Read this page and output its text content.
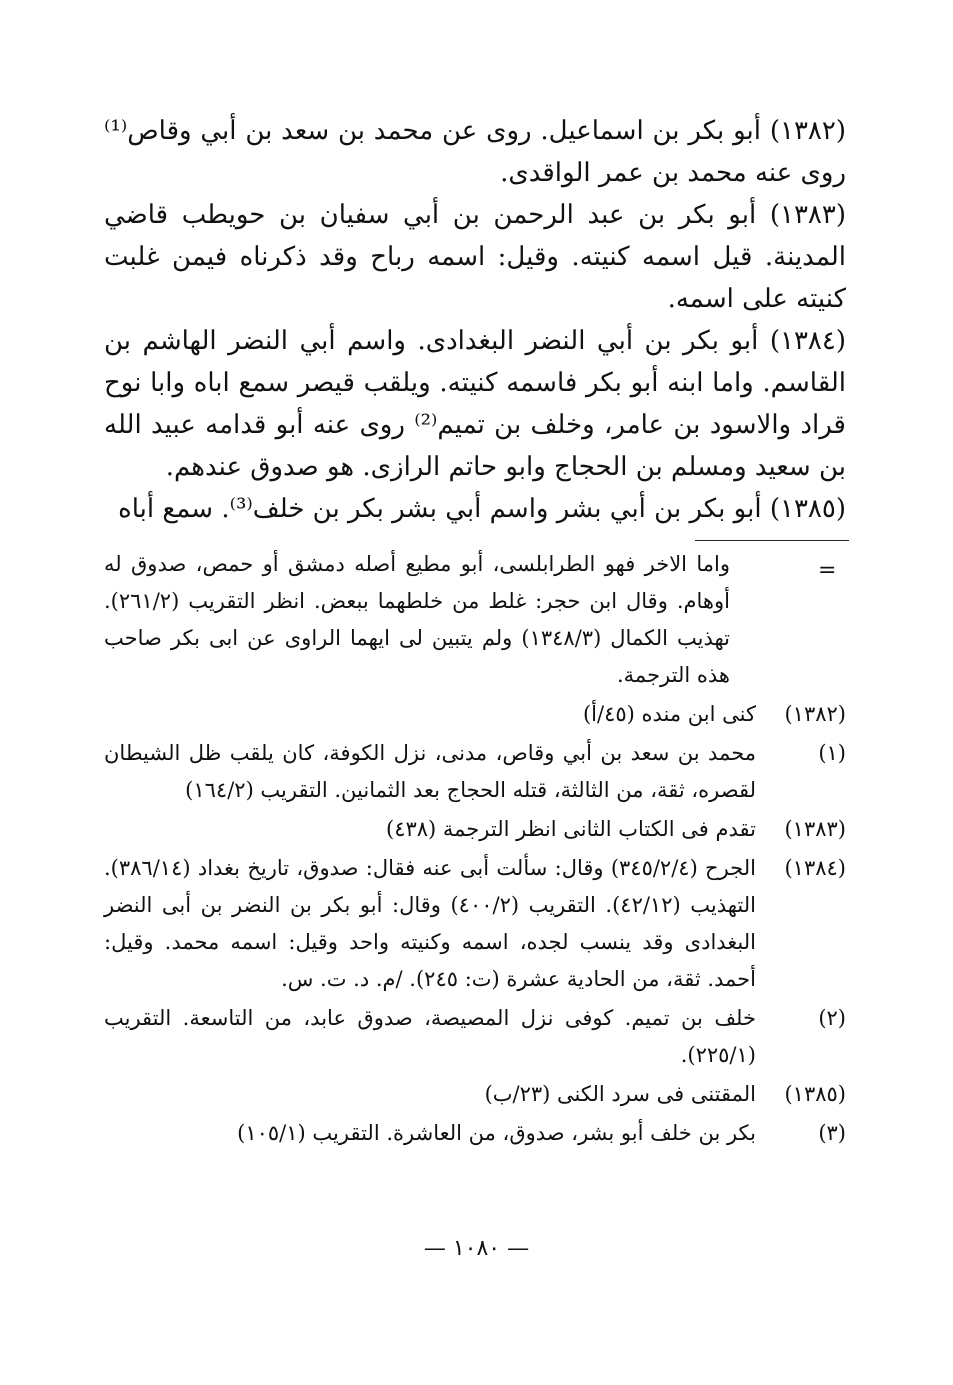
(١٣٨٢) أبو بكر بن اسماعيل. روى عن محمد بن سعد بن أبي وقاص⁽¹⁾ روى عنه محمد بن عمر الواقدى.

(١٣٨٣) أبو بكر بن عبد الرحمن بن أبي سفيان بن حويطب قاضي المدينة. قيل اسمه كنيته. وقيل: اسمه رباح وقد ذكرناه فيمن غلبت كنيته على اسمه.

(١٣٨٤) أبو بكر بن أبي النضر البغدادى. واسم أبي النضر الهاشم بن القاسم. واما ابنه أبو بكر فاسمه كنيته. ويلقب قيصر سمع اباه وابا نوح قراد والاسود بن عامر، وخلف بن تميم⁽²⁾ روى عنه أبو قدامه عبيد الله بن سعيد ومسلم بن الحجاج وابو حاتم الرازى. هو صدوق عندهم.

(١٣٨٥) أبو بكر بن أبي بشر واسم أبي بشر بكر بن خلف⁽³⁾. سمع أباه

=
واما الاخر فهو الطرابلسى، أبو مطيع أصله دمشق أو حمص، صدوق له أوهام. وقال ابن حجر: غلط من خلطهما ببعض. انظر التقريب (٢٦١/٢). تهذيب الكمال (١٣٤٨/٣) ولم يتبين لى ايهما الراوى عن ابى بكر صاحب هذه الترجمة.
(١٣٨٢)
كنى ابن منده (٤٥/أ)
(١)
محمد بن سعد بن أبي وقاص، مدنى، نزل الكوفة، كان يلقب ظل الشيطان لقصره، ثقة، من الثالثة، قتله الحجاج بعد الثمانين. التقريب (١٦٤/٢)
(١٣٨٣)
تقدم فى الكتاب الثانى انظر الترجمة (٤٣٨)
(١٣٨٤)
الجرح (٣٤٥/٢/٤) وقال: سألت أبى عنه فقال: صدوق، تاريخ بغداد (٣٨٦/١٤). التهذيب (٤٢/١٢). التقريب (٤٠٠/٢) وقال: أبو بكر بن النضر بن أبى النضر البغدادى وقد ينسب لجده، اسمه وكنيته واحد وقيل: اسمه محمد. وقيل: أحمد. ثقة، من الحادية عشرة (ت: ٢٤٥). /م. د. ت. س.
(٢)
خلف بن تميم. كوفى نزل المصيصة، صدوق عابد، من التاسعة. التقريب (٢٢٥/١).
(١٣٨٥)
المقتنى فى سرد الكنى (٢٣/ب)
(٣)
بكر بن خلف أبو بشر، صدوق، من العاشرة. التقريب (١٠٥/١)
— ١٠٨٠ —
